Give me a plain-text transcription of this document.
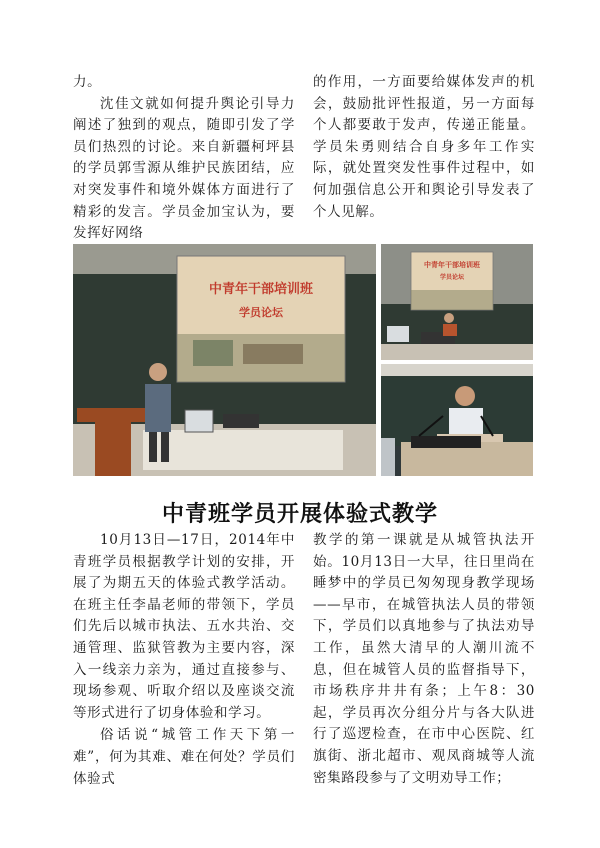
力。

沈佳文就如何提升舆论引导力阐述了独到的观点，随即引发了学员们热烈的讨论。来自新疆柯坪县的学员郭雪源从维护民族团结，应对突发事件和境外媒体方面进行了精彩的发言。学员金加宝认为，要发挥好网络

的作用，一方面要给媒体发声的机会，鼓励批评性报道，另一方面每个人都要敢于发声，传递正能量。学员朱勇则结合自身多年工作实际，就处置突发性事件过程中，如何加强信息公开和舆论引导发表了个人见解。

中青年干部培训班
学员论坛
中青年干部培训班
学员论坛
中青班学员开展体验式教学

10月13日—17日，2014年中青班学员根据教学计划的安排，开展了为期五天的体验式教学活动。在班主任李晶老师的带领下，学员们先后以城市执法、五水共治、交通管理、监狱管教为主要内容，深入一线亲力亲为，通过直接参与、现场参观、听取介绍以及座谈交流等形式进行了切身体验和学习。

俗话说“城管工作天下第一难”，何为其难、难在何处？学员们体验式

教学的第一课就是从城管执法开始。10月13日一大早，往日里尚在睡梦中的学员已匆匆现身教学现场——早市，在城管执法人员的带领下，学员们以真地参与了执法劝导工作，虽然大清早的人潮川流不息，但在城管人员的监督指导下，市场秩序井井有条；上午8：30起，学员再次分组分片与各大队进行了巡逻检查，在市中心医院、红旗街、浙北超市、观凤商城等人流密集路段参与了文明劝导工作；
